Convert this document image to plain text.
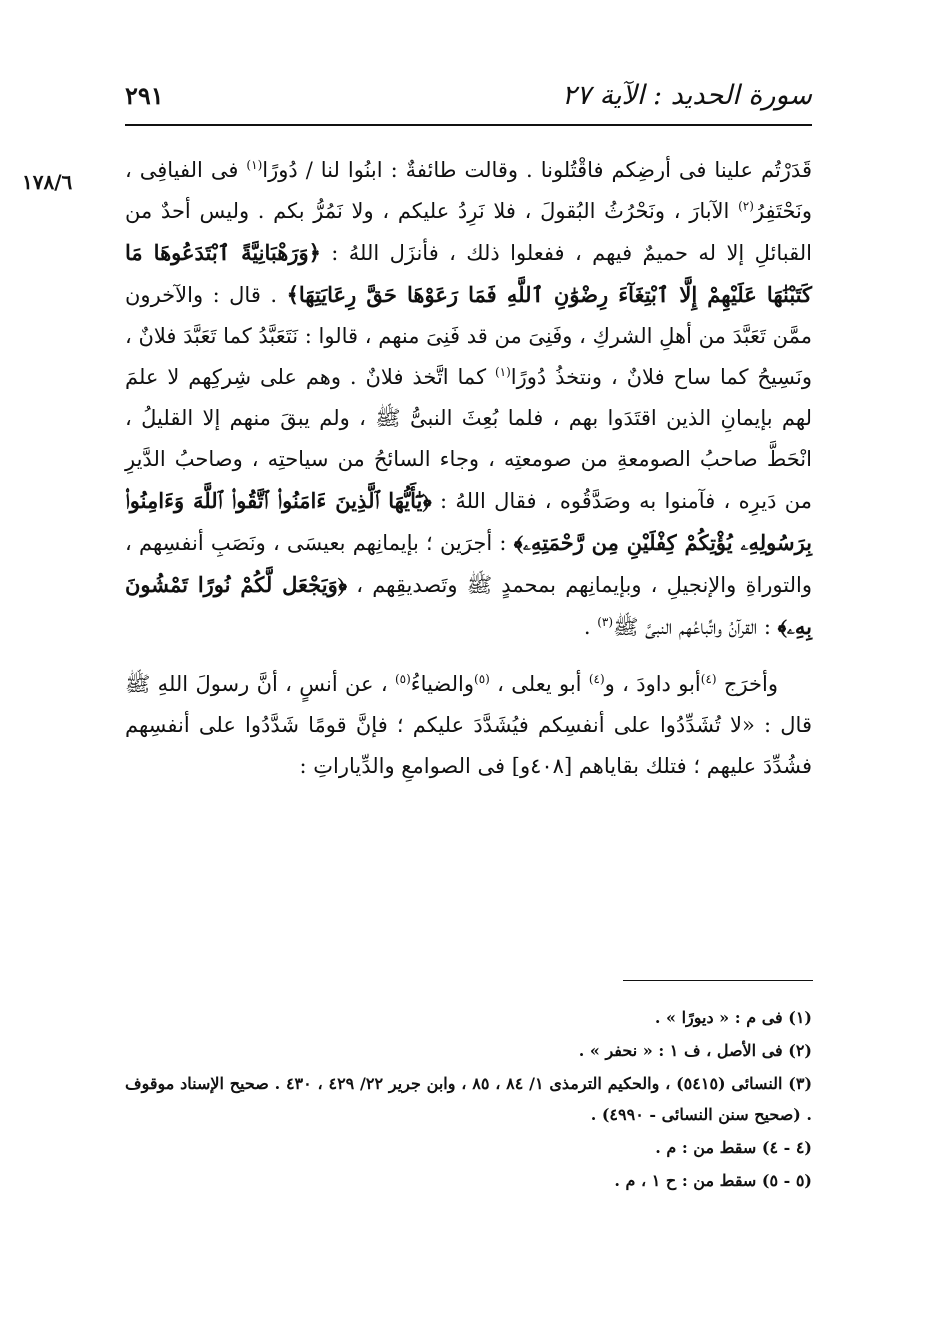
٢٩١	سورة الحديد : الآية ٢٧
١٧٨/٦	قَدَرْتُم علينا فى أرضِكم فاقْتُلونا . وقالت طائفةٌ : ابنُوا لنا / دُورًا$^{(١)}$ فى الفيافِى ، ونَحْتَفِرُ$^{(٢)}$ الآبارَ ، ونَحْرُثُ البُقولَ ، فلا نَرِدُ عليكم ، ولا نَمُرُّ بكم . وليس أحدٌ من القبائلِ إلا له حميمٌ فيهم ، ففعلوا ذلك ، فأنزَل اللهُ : ﴿وَرَهْبَانِيَّةً ٱبْتَدَعُوهَا مَا كَتَبْنَٰهَا عَلَيْهِمْ إِلَّا ٱبْتِغَآءَ رِضْوَٰنِ ٱللَّهِ فَمَا رَعَوْهَا حَقَّ رِعَايَتِهَا﴾ . قال : والآخرون ممَّن تَعَبَّدَ من أهلِ الشركِ ، وفَنِىَ من قد فَنِىَ منهم ، قالوا : نَتَعَبَّدُ كما تَعَبَّدَ فلانٌ ، ونَسِيحُ كما ساح فلانٌ ، ونتخذُ دُورًا$^{(١)}$ كما اتَّخذ فلانٌ . وهم على شِركِهم لا علمَ لهم بإيمانِ الذين اقتَدَوا بهم ، فلما بُعِثَ النبىُّ ﷺ ، ولم يبقَ منهم إلا القليلُ ، انْحَطَّ صاحبُ الصومعةِ من صومعتِه ، وجاء السائحُ من سياحتِه ، وصاحبُ الدَّيرِ من دَيرِه ، فآمنوا به وصَدَّقُوه ، فقال اللهُ : ﴿يَٰٓأَيُّهَا ٱلَّذِينَ ءَامَنُوا۟ ٱتَّقُوا۟ ٱللَّهَ وَءَامِنُوا۟ بِرَسُولِهِۦ يُؤْتِكُمْ كِفْلَيْنِ مِن رَّحْمَتِهِۦ﴾ : أجرَين ؛ بإيمانِهم بعيسَى ، ونَصَبِ أنفسِهم ، والتوراةِ والإنجيلِ ، وبإيمانِهم بمحمدٍ ﷺ وتَصديقِهم ، ﴿وَيَجْعَل لَّكُمْ نُورًا تَمْشُونَ بِهِۦ﴾ : القرآنُ واتِّباعُهم النبىَّ ﷺ$^{(٣)}$ .

وأخرَج $^{(٤)}$أبو داودَ ، و$^{(٤)}$ أبو يعلى ، $^{(٥)}$والضياءُ$^{(٥)}$ ، عن أنسٍ ، أنَّ رسولَ اللهِ ﷺ قال : «لا تُشَدِّدُوا على أنفسِكم فيُشَدَّدَ عليكم ؛ فإنَّ قومًا شَدَّدُوا على أنفسِهم فشُدِّدَ عليهم ؛ فتلك بقاياهم [٤٠٨و] فى الصوامعِ والدِّياراتِ :

(١) فى م : « ديورًا » .

(٢) فى الأصل ، ف ١ : « نحفر » .

(٣) النسائى (٥٤١٥) ، والحكيم الترمذى ١/ ٨٤ ، ٨٥ ، وابن جرير ٢٢/ ٤٢٩ ، ٤٣٠ . صحيح الإسناد موقوف . (صحيح سنن النسائى - ٤٩٩٠) .

(٤ - ٤) سقط من : م .

(٥ - ٥) سقط من : ح ١ ، م .
